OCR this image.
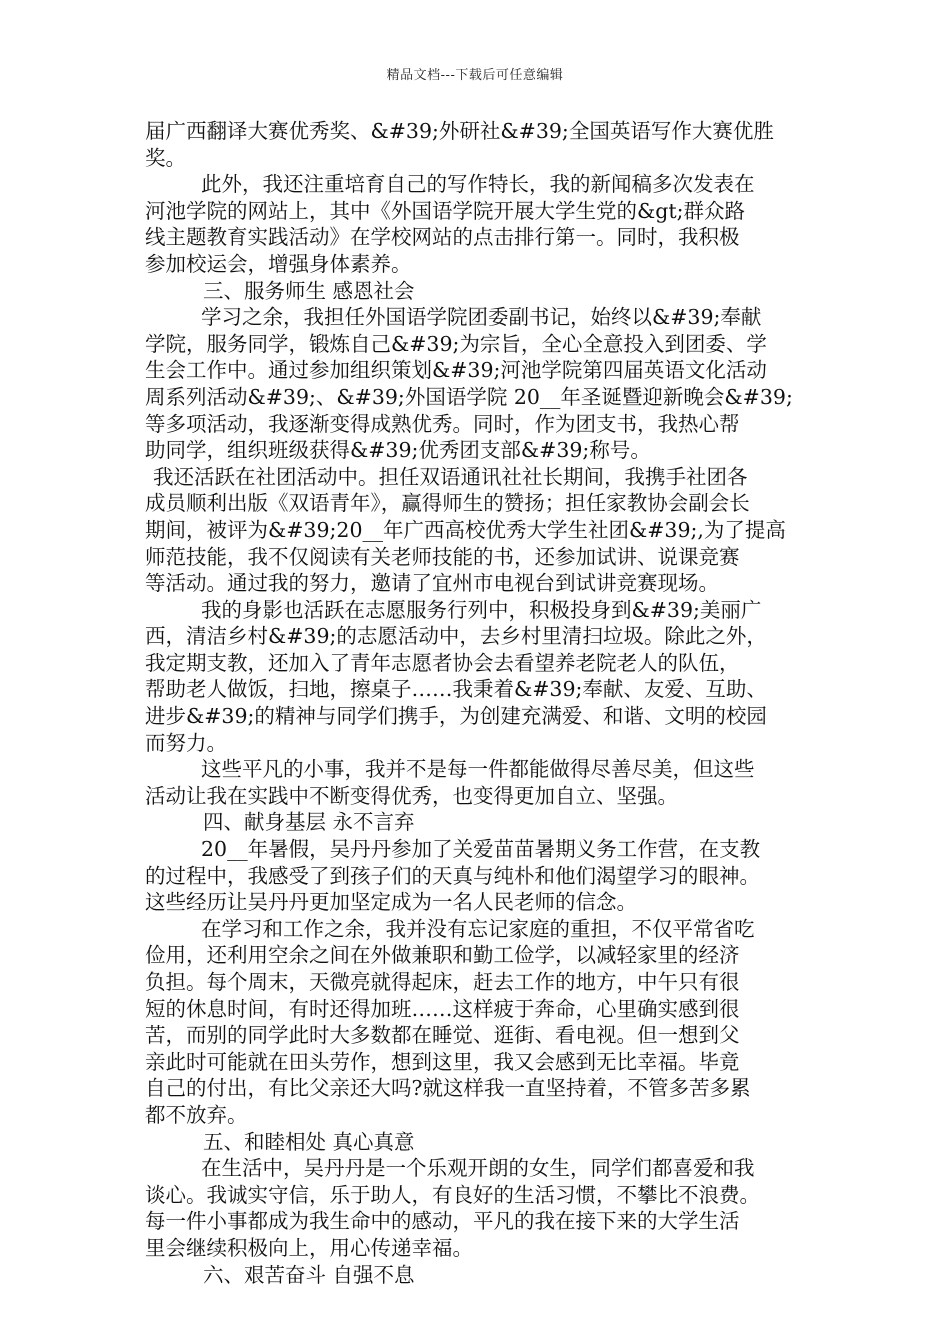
精品文档---下载后可任意编辑
届广西翻译大赛优秀奖、&#39;外研社&#39;全国英语写作大赛优胜
奖。
此外，我还注重培育自己的写作特长，我的新闻稿多次发表在
河池学院的网站上，其中《外国语学院开展大学生党的&gt;群众路
线主题教育实践活动》在学校网站的点击排行第一。同时，我积极
参加校运会，增强身体素养。
三、服务师生 感恩社会
学习之余，我担任外国语学院团委副书记，始终以&#39;奉献
学院，服务同学，锻炼自己&#39;为宗旨，全心全意投入到团委、学
生会工作中。通过参加组织策划&#39;河池学院第四届英语文化活动
周系列活动&#39;、&#39;外国语学院 20__年圣诞暨迎新晚会&#39;
等多项活动，我逐渐变得成熟优秀。同时，作为团支书，我热心帮
助同学，组织班级获得&#39;优秀团支部&#39;称号。
我还活跃在社团活动中。担任双语通讯社社长期间，我携手社团各
成员顺利出版《双语青年》，赢得师生的赞扬；担任家教协会副会长
期间，被评为&#39;20__年广西高校优秀大学生社团&#39;,为了提高
师范技能，我不仅阅读有关老师技能的书，还参加试讲、说课竞赛
等活动。通过我的努力，邀请了宜州市电视台到试讲竞赛现场。
我的身影也活跃在志愿服务行列中，积极投身到&#39;美丽广
西，清洁乡村&#39;的志愿活动中，去乡村里清扫垃圾。除此之外，
我定期支教，还加入了青年志愿者协会去看望养老院老人的队伍，
帮助老人做饭，扫地，擦桌子……我秉着&#39;奉献、友爱、互助、
进步&#39;的精神与同学们携手，为创建充满爱、和谐、文明的校园
而努力。
这些平凡的小事，我并不是每一件都能做得尽善尽美，但这些
活动让我在实践中不断变得优秀，也变得更加自立、坚强。
四、献身基层 永不言弃
20__年暑假，吴丹丹参加了关爱苗苗暑期义务工作营，在支教
的过程中，我感受了到孩子们的天真与纯朴和他们渴望学习的眼神。
这些经历让吴丹丹更加坚定成为一名人民老师的信念。
在学习和工作之余，我并没有忘记家庭的重担，不仅平常省吃
俭用，还利用空余之间在外做兼职和勤工俭学，以减轻家里的经济
负担。每个周末，天微亮就得起床，赶去工作的地方，中午只有很
短的休息时间，有时还得加班……这样疲于奔命，心里确实感到很
苦，而别的同学此时大多数都在睡觉、逛街、看电视。但一想到父
亲此时可能就在田头劳作，想到这里，我又会感到无比幸福。毕竟
自己的付出，有比父亲还大吗?就这样我一直坚持着，不管多苦多累
都不放弃。
五、和睦相处 真心真意
在生活中，吴丹丹是一个乐观开朗的女生，同学们都喜爱和我
谈心。我诚实守信，乐于助人，有良好的生活习惯，不攀比不浪费。
每一件小事都成为我生命中的感动，平凡的我在接下来的大学生活
里会继续积极向上，用心传递幸福。
六、艰苦奋斗 自强不息
